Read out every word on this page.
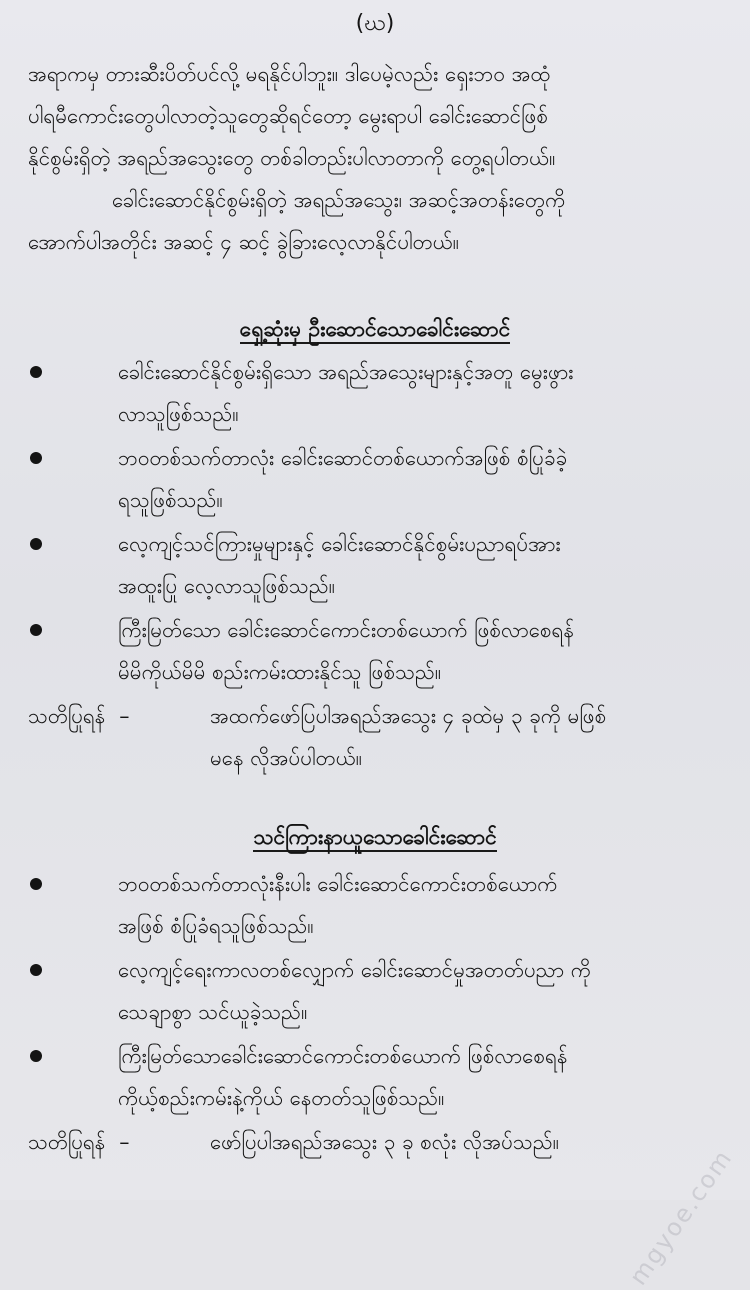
(ဃ)
အရာကမှ တားဆီးပိတ်ပင်လို့ မရနိုင်ပါဘူး။ ဒါပေမဲ့လည်း ရှေးဘဝ အထုံ
ပါရမီကောင်းတွေပါလာတဲ့သူတွေဆိုရင်တော့ မွေးရာပါ ခေါင်းဆောင်ဖြစ်
နိုင်စွမ်းရှိတဲ့ အရည်အသွေးတွေ တစ်ခါတည်းပါလာတာကို တွေ့ရပါတယ်။
ခေါင်းဆောင်နိုင်စွမ်းရှိတဲ့ အရည်အသွေး၊ အဆင့်အတန်းတွေကို
အောက်ပါအတိုင်း အဆင့် ၄ ဆင့် ခွဲခြားလေ့လာနိုင်ပါတယ်။
ရှေ့ဆုံးမှ ဦးဆောင်သောခေါင်းဆောင်
ခေါင်းဆောင်နိုင်စွမ်းရှိသော အရည်အသွေးများနှင့်အတူ မွေးဖွား
လာသူဖြစ်သည်။
ဘဝတစ်သက်တာလုံး ခေါင်းဆောင်တစ်ယောက်အဖြစ် စံပြုခံခဲ့
ရသူဖြစ်သည်။
လေ့ကျင့်သင်ကြားမှုများနှင့် ခေါင်းဆောင်နိုင်စွမ်းပညာရပ်အား
အထူးပြု လေ့လာသူဖြစ်သည်။
ကြီးမြတ်သော ခေါင်းဆောင်ကောင်းတစ်ယောက် ဖြစ်လာစေရန်
မိမိကိုယ်မိမိ စည်းကမ်းထားနိုင်သူ ဖြစ်သည်။
သတိပြုရန် –	အထက်ဖော်ပြပါအရည်အသွေး ၄ ခုထဲမှ ၃ ခုကို မဖြစ်
မနေ လိုအပ်ပါတယ်။
သင်ကြားနာယူသောခေါင်းဆောင်
ဘဝတစ်သက်တာလုံးနီးပါး ခေါင်းဆောင်ကောင်းတစ်ယောက်
အဖြစ် စံပြုခံရသူဖြစ်သည်။
လေ့ကျင့်ရေးကာလတစ်လျှောက် ခေါင်းဆောင်မှုအတတ်ပညာ ကို
သေချာစွာ သင်ယူခဲ့သည်။
ကြီးမြတ်သောခေါင်းဆောင်ကောင်းတစ်ယောက် ဖြစ်လာစေရန်
ကိုယ့်စည်းကမ်းနဲ့ကိုယ် နေတတ်သူဖြစ်သည်။
သတိပြုရန် –	ဖော်ပြပါအရည်အသွေး ၃ ခု စလုံး လိုအပ်သည်။
mgyoe.com
